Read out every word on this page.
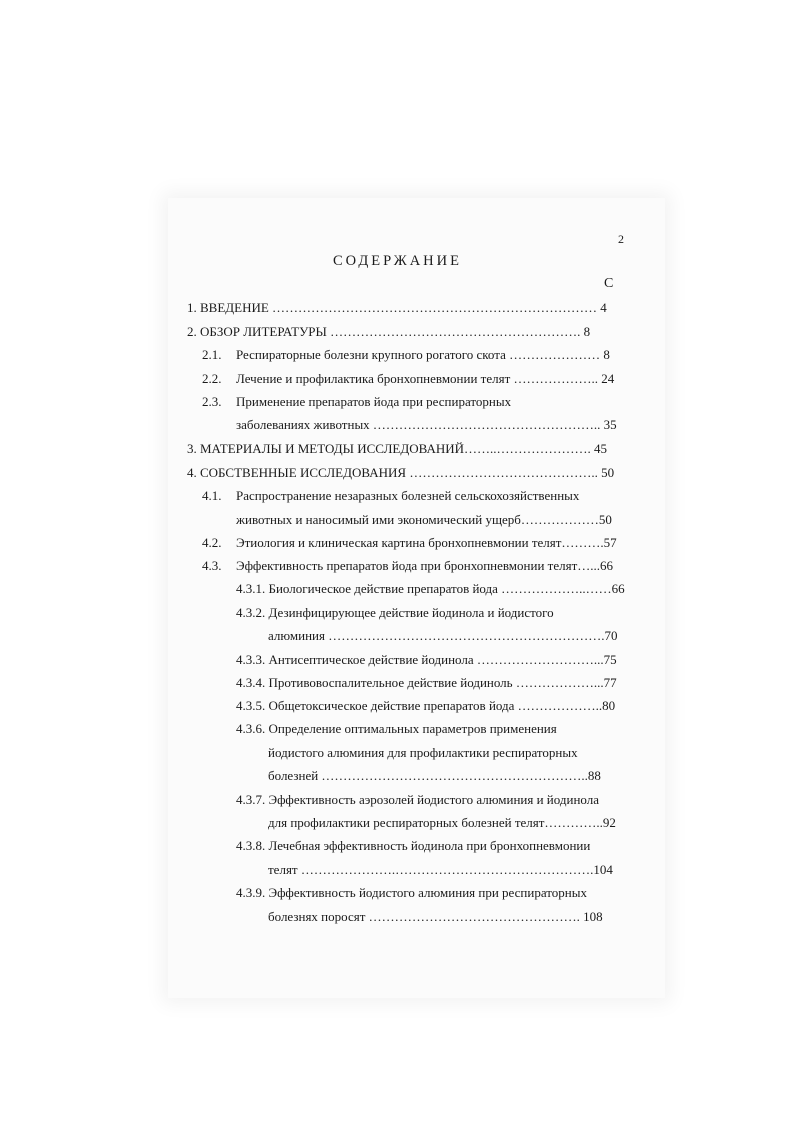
2
СОДЕРЖАНИЕ
С
1. ВВЕДЕНИЕ ………………………………………………………………… 4
2. ОБЗОР ЛИТЕРАТУРЫ …………………………………………………. 8
2.1. Респираторные болезни крупного рогатого скота ………………… 8
2.2. Лечение и профилактика бронхопневмонии телят ……………….. 24
2.3. Применение препаратов йода при респираторных
заболеваниях животных …………………………………………….. 35
3. МАТЕРИАЛЫ И МЕТОДЫ ИССЛЕДОВАНИЙ……..…………………. 45
4. СОБСТВЕННЫЕ ИССЛЕДОВАНИЯ …………………………………….. 50
4.1. Распространение незаразных болезней сельскохозяйственных
животных и наносимый ими экономический ущерб………………50
4.2. Этиология и клиническая картина бронхопневмонии телят……….57
4.3. Эффективность препаратов йода при бронхопневмонии телят…...66
4.3.1. Биологическое действие препаратов йода ………………..……66
4.3.2. Дезинфицирующее действие йодинола и йодистого
алюминия ……………………………………………………….70
4.3.3. Антисептическое действие йодинола ………………………...75
4.3.4. Противовоспалительное действие йодиноль ………………...77
4.3.5. Общетоксическое действие препаратов йода ………………..80
4.3.6. Определение оптимальных параметров применения
йодистого алюминия для профилактики респираторных
болезней ……………………………………………………..88
4.3.7. Эффективность аэрозолей йодистого алюминия и йодинола
для профилактики респираторных болезней телят…………..92
4.3.8. Лечебная эффективность йодинола при бронхопневмонии
телят ………………….……………………………………….104
4.3.9. Эффективность йодистого алюминия при респираторных
болезнях поросят …………………………………………. 108
